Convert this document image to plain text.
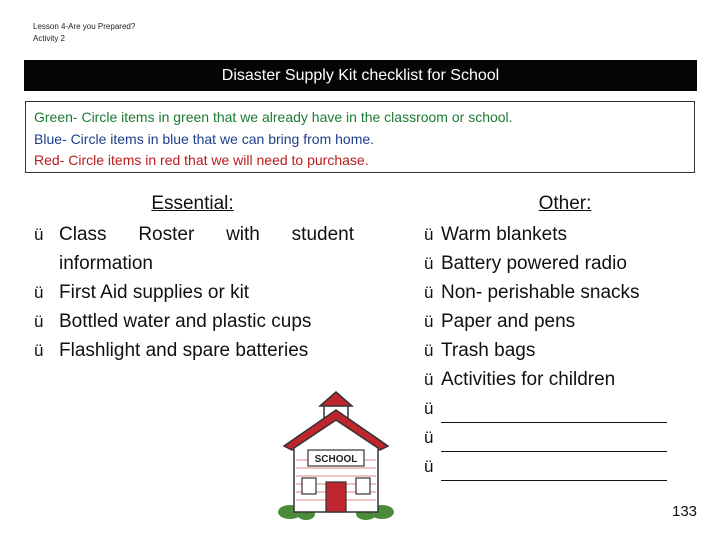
Lesson 4-Are you Prepared?
Activity 2
Disaster Supply Kit checklist for School
Green- Circle items in green that we already have in the classroom or school.
Blue- Circle items in blue that we can bring from home.
Red- Circle items in red that we will need to purchase.
Essential:
ü Class Roster with student information
ü First Aid supplies or kit
ü Bottled water and plastic cups
ü Flashlight and spare batteries
Other:
ü Warm blankets
ü Battery powered radio
ü Non- perishable snacks
ü Paper and pens
ü Trash bags
ü Activities for children
ü
ü
ü
SCHOOL
133
